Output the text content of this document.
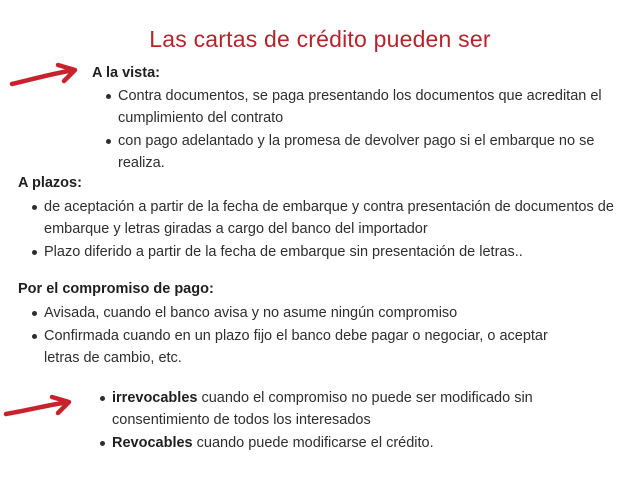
Las cartas de crédito pueden ser

A la vista:

Contra documentos, se paga presentando los documentos que acreditan el cumplimiento del contrato
con pago adelantado y la promesa de devolver pago si el embarque no se realiza.

A plazos:

de aceptación a partir de la fecha de embarque y contra presentación de documentos de embarque y letras giradas a cargo del banco del importador
Plazo diferido a partir de la fecha de embarque sin presentación de letras..

Por el compromiso de pago:

Avisada, cuando el banco avisa y no asume ningún compromiso
Confirmada cuando en un plazo fijo el banco debe pagar o negociar, o aceptar letras de cambio, etc.
irrevocables cuando el compromiso no puede ser modificado sin consentimiento de todos los interesados
Revocables cuando puede modificarse el crédito.
